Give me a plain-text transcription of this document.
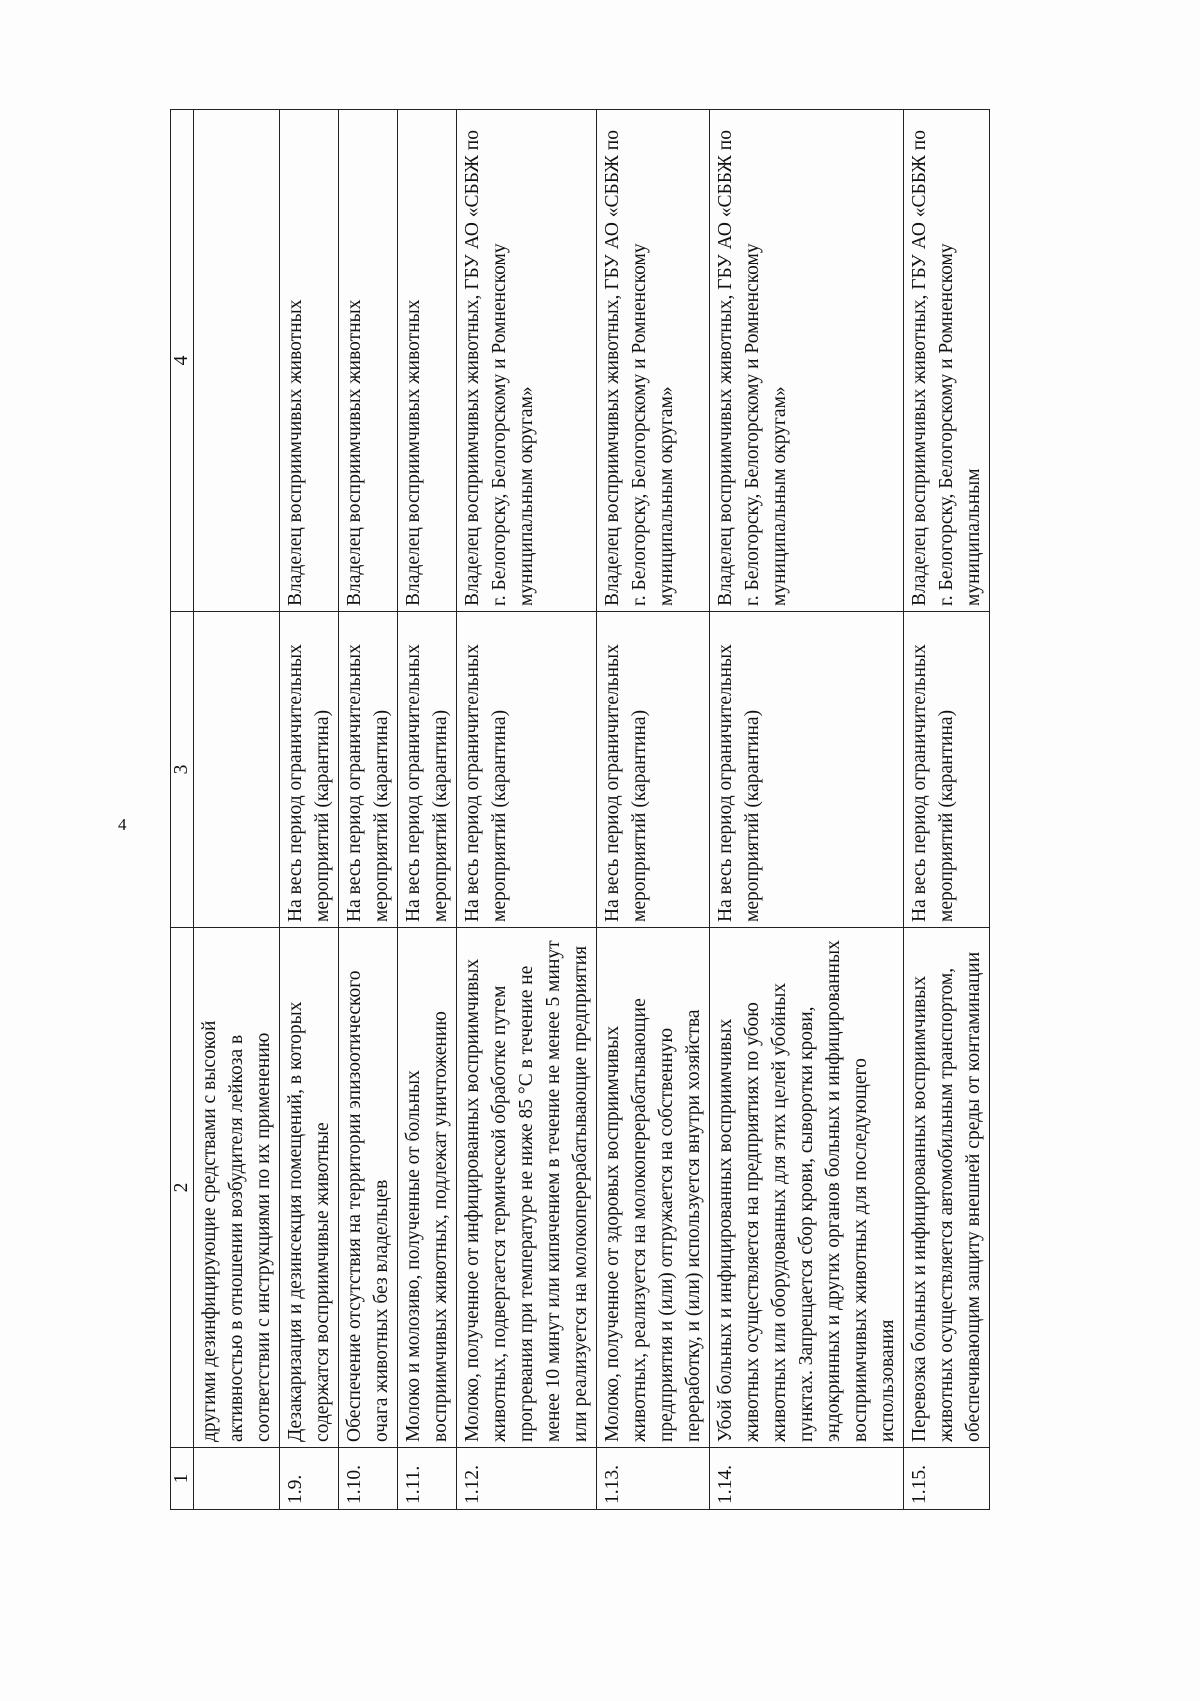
4
1	2	3	4
	другими дезинфицирующие средствами с высокой активностью в отношении возбудителя лейкоза в соответствии с инструкциями по их применению		
1.9.	Дезакаризация и дезинсекция помещений, в которых содержатся восприимчивые животные	На весь период ограничительных мероприятий (карантина)	Владелец восприимчивых животных
1.10.	Обеспечение отсутствия на территории эпизоотического очага животных без владельцев	На весь период ограничительных мероприятий (карантина)	Владелец восприимчивых животных
1.11.	Молоко и молозиво, полученные от больных восприимчивых животных, подлежат уничтожению	На весь период ограничительных мероприятий (карантина)	Владелец восприимчивых животных
1.12.	Молоко, полученное от инфицированных восприимчивых животных, подвергается термической обработке путем прогревания при температуре не ниже 85 °С в течение не менее 10 минут или кипячением в течение не менее 5 минут или реализуется на молокоперерабатывающие предприятия	На весь период ограничительных мероприятий (карантина)	Владелец восприимчивых животных, ГБУ АО «СББЖ по г. Белогорску, Белогорскому и Ромненскому муниципальным округам»
1.13.	Молоко, полученное от здоровых восприимчивых животных, реализуется на молокоперерабатывающие предприятия и (или) отгружается на собственную переработку, и (или) используется внутри хозяйства	На весь период ограничительных мероприятий (карантина)	Владелец восприимчивых животных, ГБУ АО «СББЖ по г. Белогорску, Белогорскому и Ромненскому муниципальным округам»
1.14.	Убой больных и инфицированных восприимчивых животных осуществляется на предприятиях по убою животных или оборудованных для этих целей убойных пунктах. Запрещается сбор крови, сыворотки крови, эндокринных и других органов больных и инфицированных восприимчивых животных для последующего использования	На весь период ограничительных мероприятий (карантина)	Владелец восприимчивых животных, ГБУ АО «СББЖ по г. Белогорску, Белогорскому и Ромненскому муниципальным округам»
1.15.	Перевозка больных и инфицированных восприимчивых животных осуществляется автомобильным транспортом, обеспечивающим защиту внешней среды от контаминации	На весь период ограничительных мероприятий (карантина)	Владелец восприимчивых животных, ГБУ АО «СББЖ по г. Белогорску, Белогорскому и Ромненскому муниципальным
